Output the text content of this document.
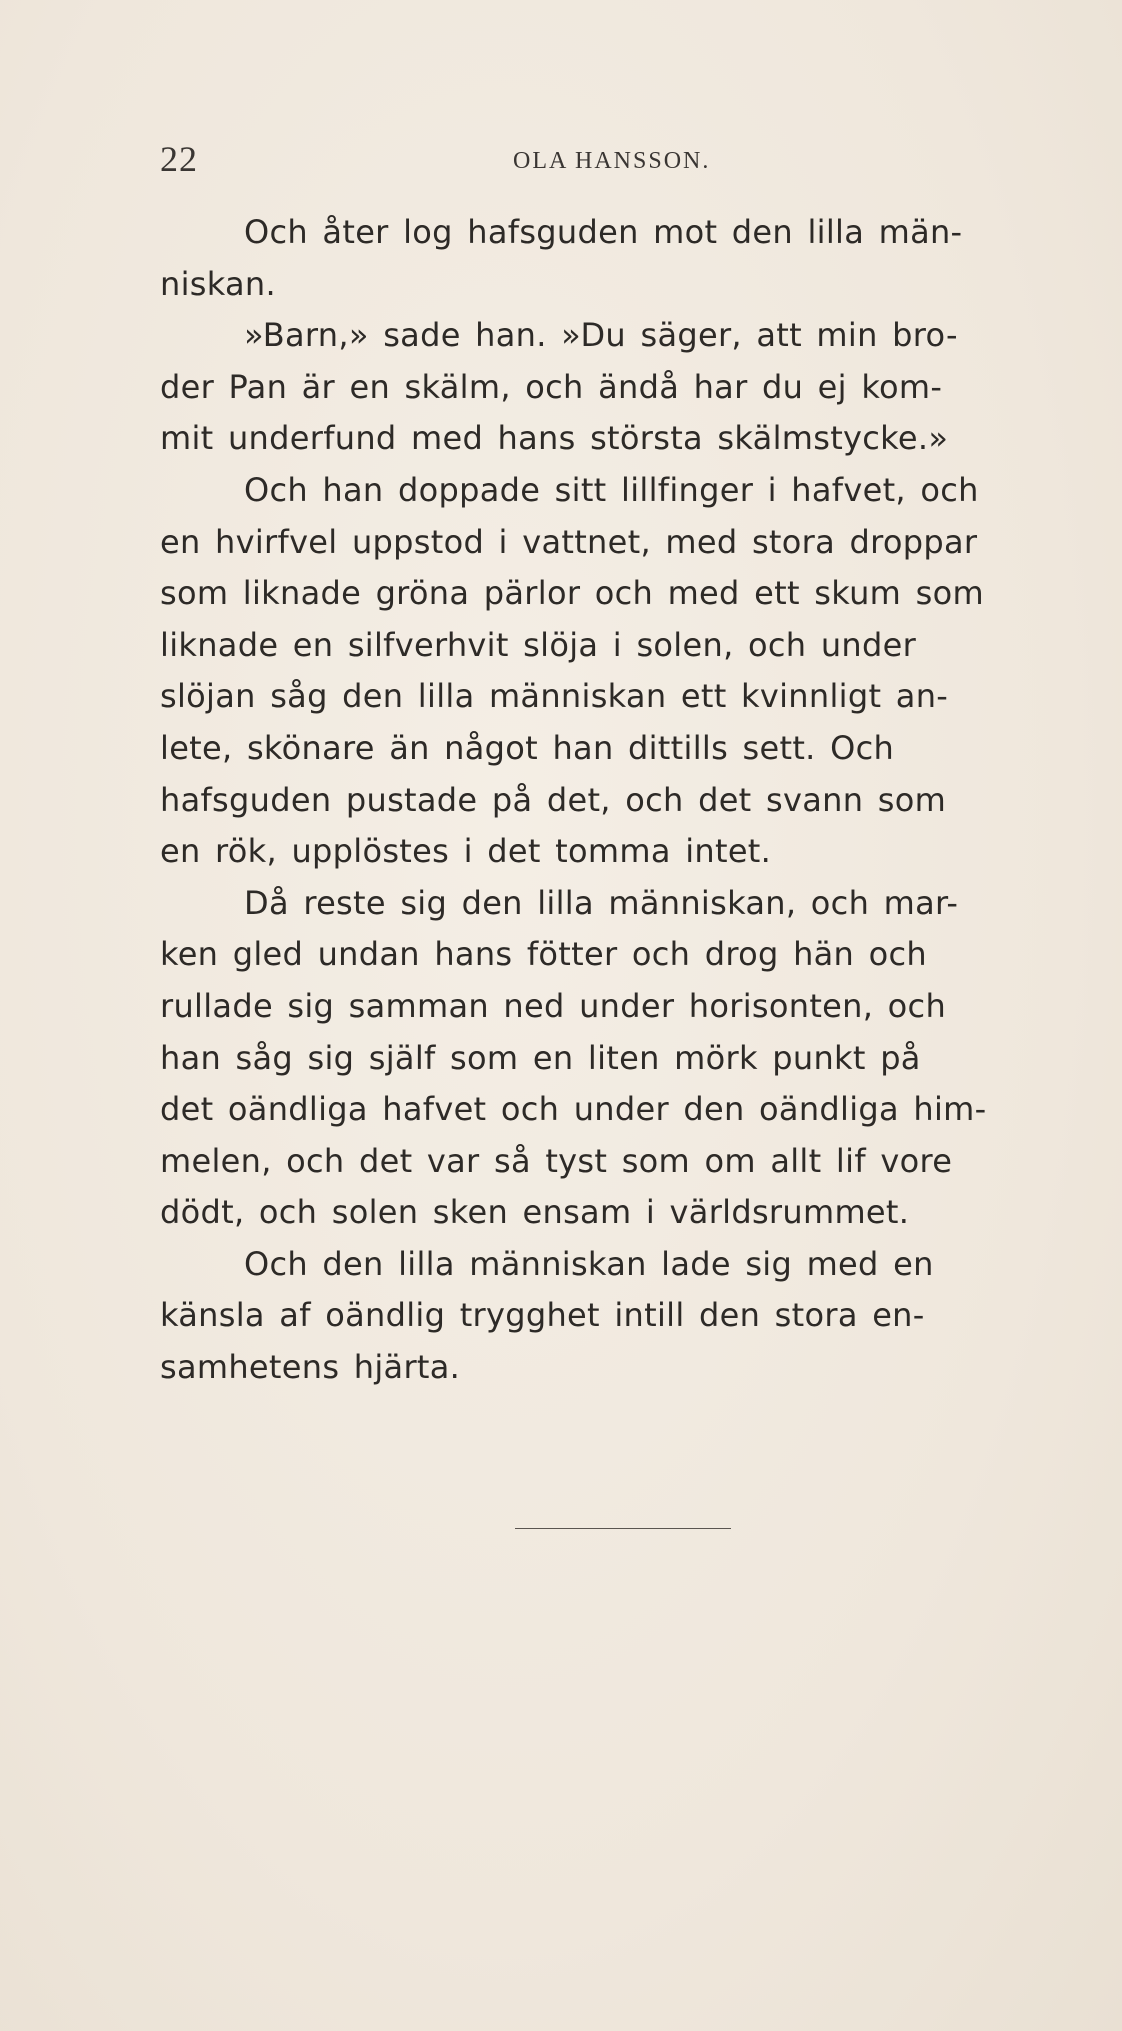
22	OLA HANSSON.
Och åter log hafsguden mot den lilla män-
niskan.
»Barn,» sade han. »Du säger, att min bro-
der Pan är en skälm, och ändå har du ej kom-
mit underfund med hans största skälmstycke.»
Och han doppade sitt lillfinger i hafvet, och
en hvirfvel uppstod i vattnet, med stora droppar
som liknade gröna pärlor och med ett skum som
liknade en silfverhvit slöja i solen, och under
slöjan såg den lilla människan ett kvinnligt an-
lete, skönare än något han dittills sett. Och
hafsguden pustade på det, och det svann som
en rök, upplöstes i det tomma intet.
Då reste sig den lilla människan, och mar-
ken gled undan hans fötter och drog hän och
rullade sig samman ned under horisonten, och
han såg sig själf som en liten mörk punkt på
det oändliga hafvet och under den oändliga him-
melen, och det var så tyst som om allt lif vore
dödt, och solen sken ensam i världsrummet.
Och den lilla människan lade sig med en
känsla af oändlig trygghet intill den stora en-
samhetens hjärta.
